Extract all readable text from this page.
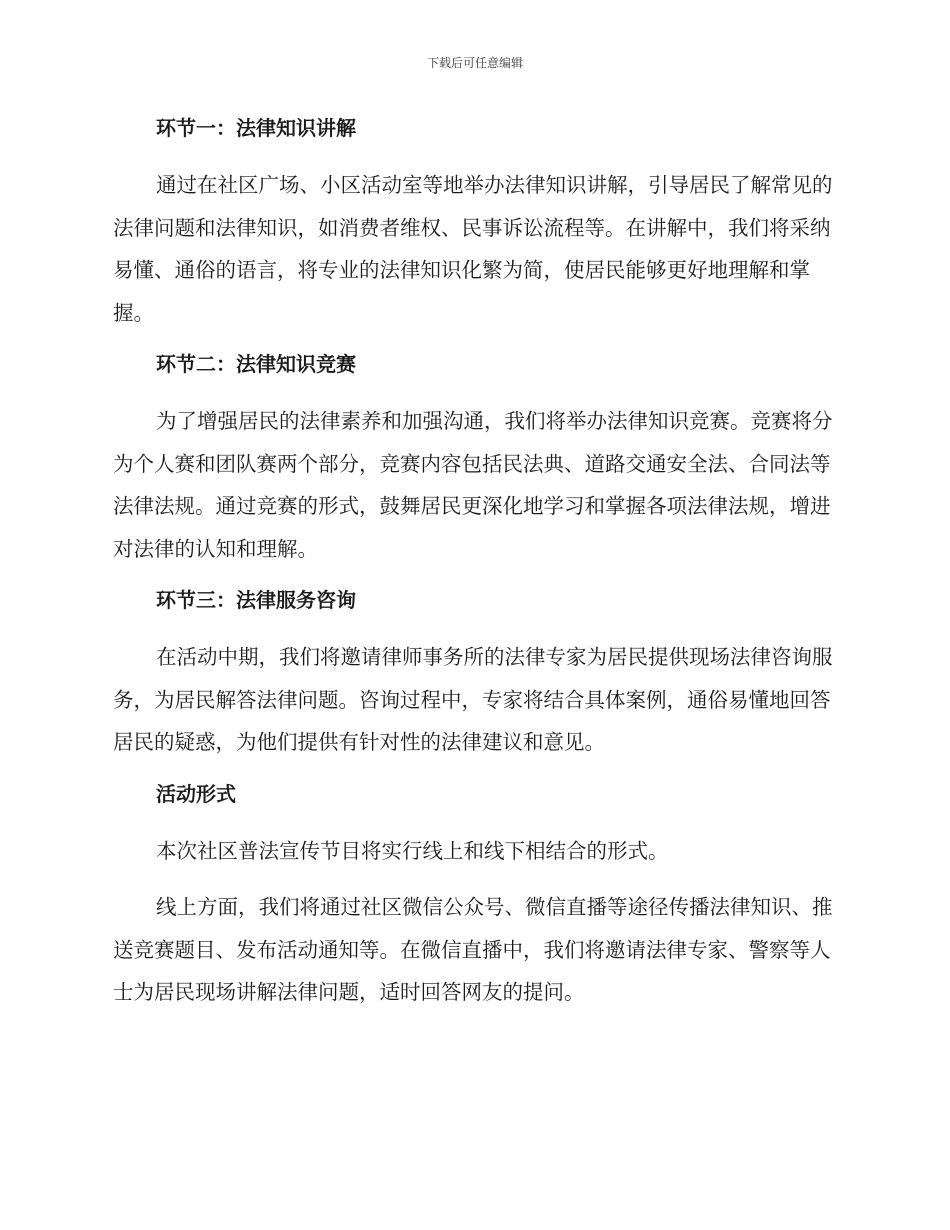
下载后可任意编辑
环节一：法律知识讲解

通过在社区广场、小区活动室等地举办法律知识讲解，引导居民了解常见的法律问题和法律知识，如消费者维权、民事诉讼流程等。在讲解中，我们将采纳易懂、通俗的语言，将专业的法律知识化繁为简，使居民能够更好地理解和掌握。

环节二：法律知识竞赛

为了增强居民的法律素养和加强沟通，我们将举办法律知识竞赛。竞赛将分为个人赛和团队赛两个部分，竞赛内容包括民法典、道路交通安全法、合同法等法律法规。通过竞赛的形式，鼓舞居民更深化地学习和掌握各项法律法规，增进对法律的认知和理解。

环节三：法律服务咨询

在活动中期，我们将邀请律师事务所的法律专家为居民提供现场法律咨询服务，为居民解答法律问题。咨询过程中，专家将结合具体案例，通俗易懂地回答居民的疑惑，为他们提供有针对性的法律建议和意见。

活动形式

本次社区普法宣传节目将实行线上和线下相结合的形式。

线上方面，我们将通过社区微信公众号、微信直播等途径传播法律知识、推送竞赛题目、发布活动通知等。在微信直播中，我们将邀请法律专家、警察等人士为居民现场讲解法律问题，适时回答网友的提问。
